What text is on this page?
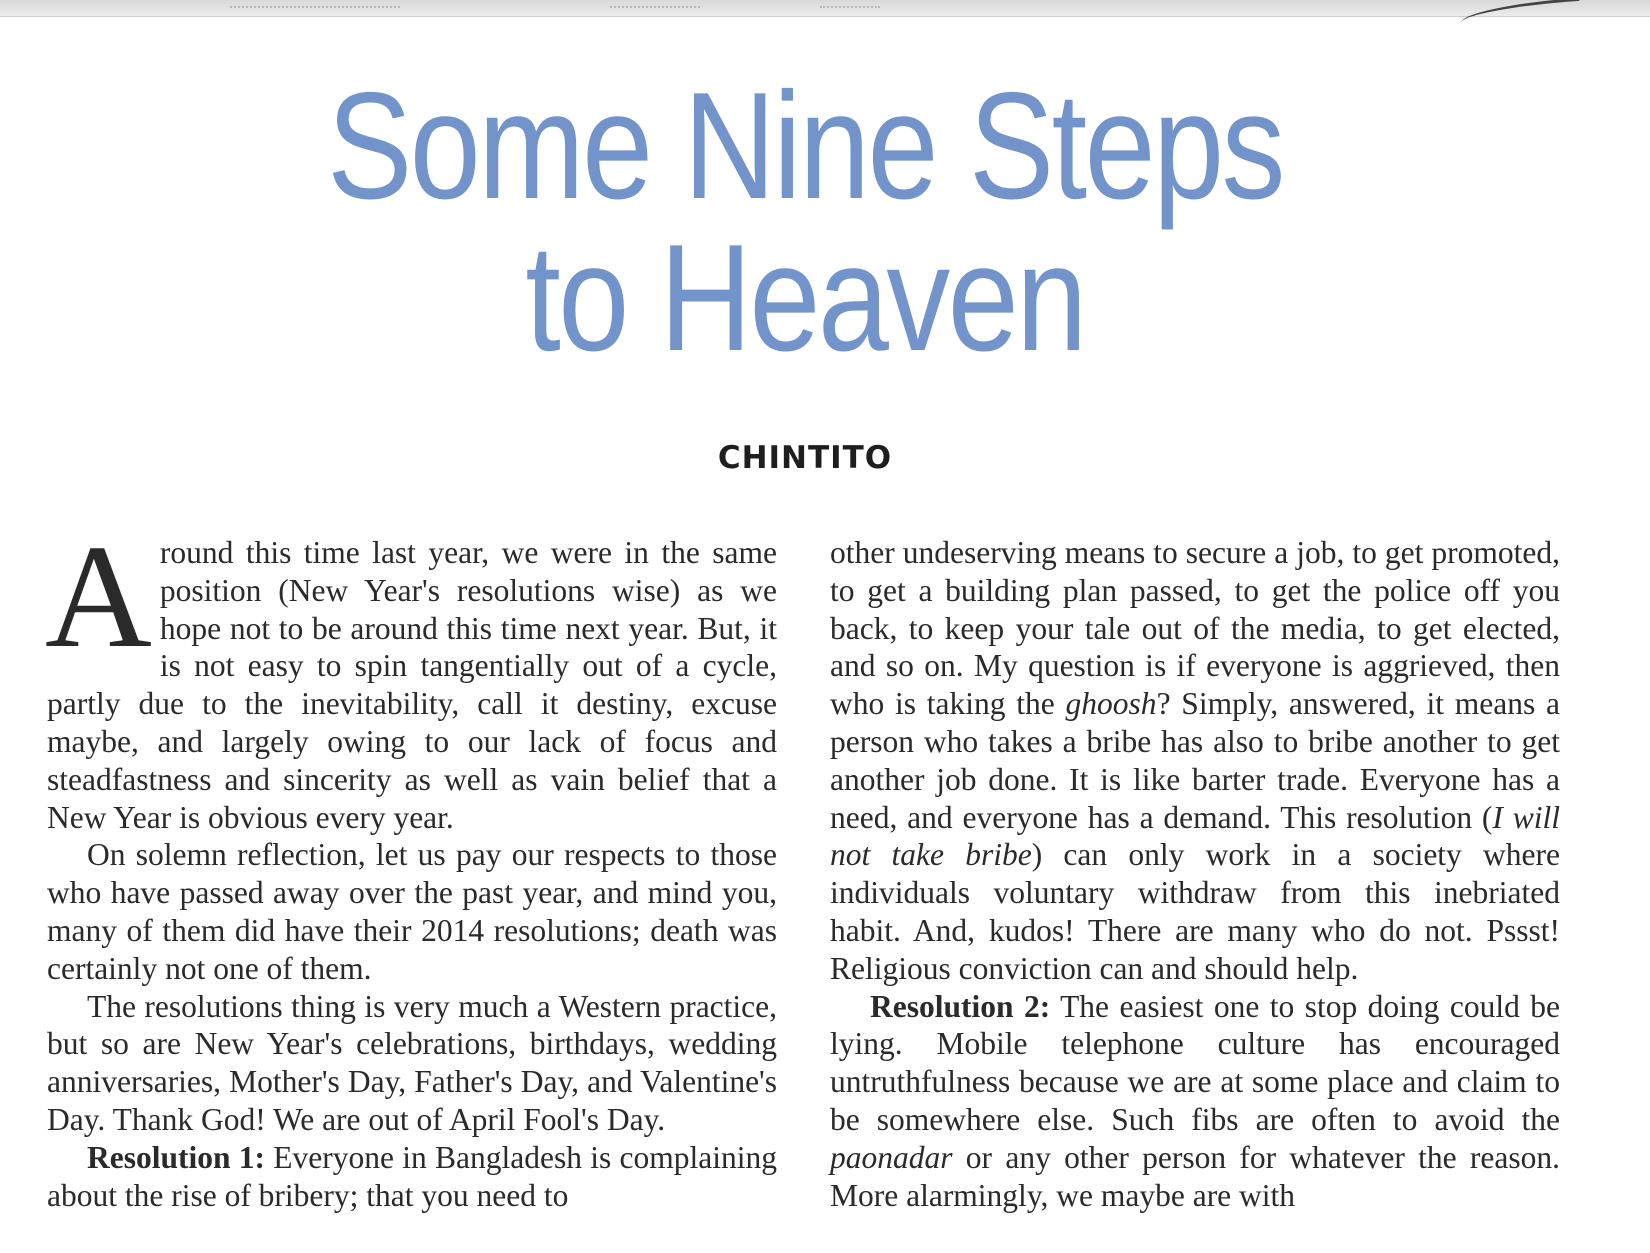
Some Nine Steps
to Heaven
CHINTITO

Around this time last year, we were in the same position (New Year's resolutions wise) as we hope not to be around this time next year. But, it is not easy to spin tangentially out of a cycle, partly due to the inevitability, call it destiny, excuse maybe, and largely owing to our lack of focus and steadfastness and sincerity as well as vain belief that a New Year is obvious every year.

On solemn reflection, let us pay our respects to those who have passed away over the past year, and mind you, many of them did have their 2014 resolutions; death was certainly not one of them.

The resolutions thing is very much a Western practice, but so are New Year's celebrations, birthdays, wedding anniversaries, Mother's Day, Father's Day, and Valentine's Day. Thank God! We are out of April Fool's Day.

Resolution 1: Everyone in Bangladesh is complaining about the rise of bribery; that you need to

other undeserving means to secure a job, to get promoted, to get a building plan passed, to get the police off you back, to keep your tale out of the media, to get elected, and so on. My question is if everyone is aggrieved, then who is taking the ghoosh? Simply, answered, it means a person who takes a bribe has also to bribe another to get another job done. It is like barter trade. Everyone has a need, and everyone has a demand. This resolution (I will not take bribe) can only work in a society where individuals voluntary withdraw from this inebriated habit. And, kudos! There are many who do not. Pssst! Religious conviction can and should help.

Resolution 2: The easiest one to stop doing could be lying. Mobile telephone culture has encouraged untruthfulness because we are at some place and claim to be somewhere else. Such fibs are often to avoid the paonadar or any other person for whatever the reason. More alarmingly, we maybe are with
